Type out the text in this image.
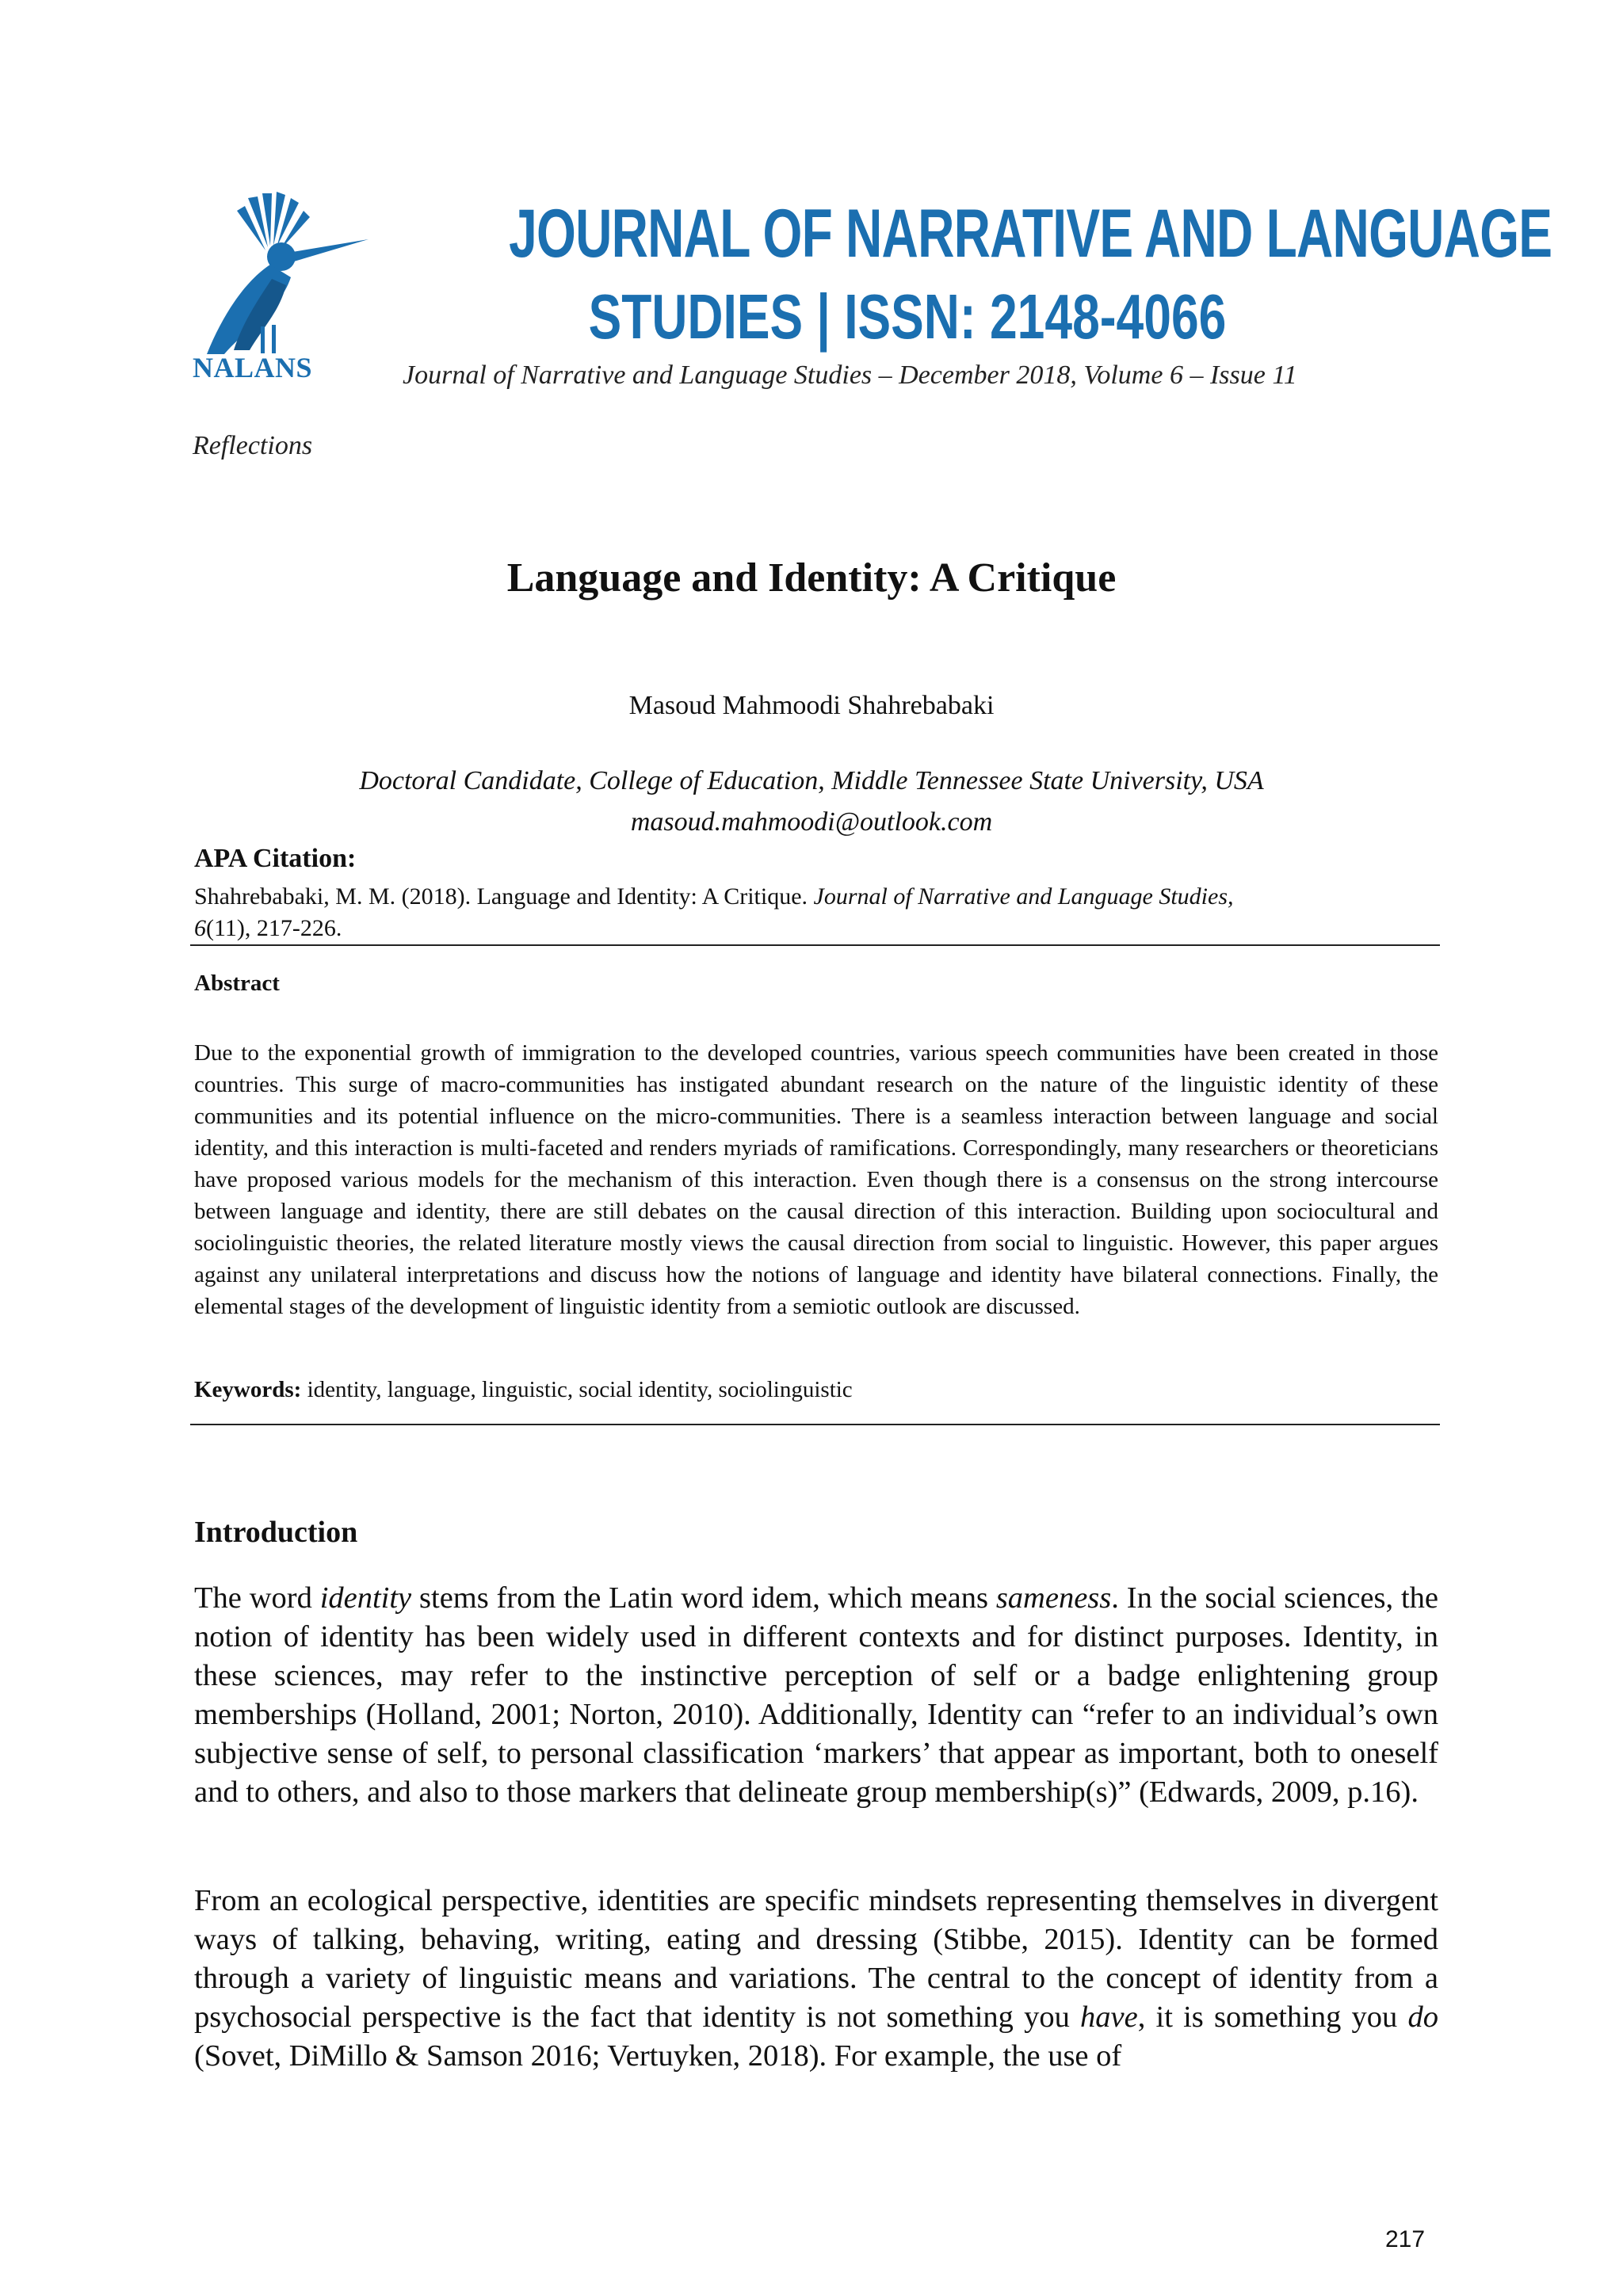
NALANS
JOURNAL OF NARRATIVE AND LANGUAGE
STUDIES | ISSN: 2148-4066
Journal of Narrative and Language Studies – December 2018, Volume 6 – Issue 11
Reflections
Language and Identity: A Critique
Masoud Mahmoodi Shahrebabaki
Doctoral Candidate, College of Education, Middle Tennessee State University, USA
masoud.mahmoodi@outlook.com
APA Citation:
Shahrebabaki, M. M. (2018). Language and Identity: A Critique. Journal of Narrative and Language Studies,
6(11), 217-226.
Abstract
Due to the exponential growth of immigration to the developed countries, various speech communities have been created in those countries. This surge of macro-communities has instigated abundant research on the nature of the linguistic identity of these communities and its potential influence on the micro-communities. There is a seamless interaction between language and social identity, and this interaction is multi-faceted and renders myriads of ramifications. Correspondingly, many researchers or theoreticians have proposed various models for the mechanism of this interaction. Even though there is a consensus on the strong intercourse between language and identity, there are still debates on the causal direction of this interaction. Building upon sociocultural and sociolinguistic theories, the related literature mostly views the causal direction from social to linguistic. However, this paper argues against any unilateral interpretations and discuss how the notions of language and identity have bilateral connections. Finally, the elemental stages of the development of linguistic identity from a semiotic outlook are discussed.
Keywords: identity, language, linguistic, social identity, sociolinguistic
Introduction
The word identity stems from the Latin word idem, which means sameness. In the social sciences, the notion of identity has been widely used in different contexts and for distinct purposes. Identity, in these sciences, may refer to the instinctive perception of self or a badge enlightening group memberships (Holland, 2001; Norton, 2010). Additionally, Identity can “refer to an individual’s own subjective sense of self, to personal classification ‘markers’ that appear as important, both to oneself and to others, and also to those markers that delineate group membership(s)” (Edwards, 2009, p.16).
From an ecological perspective, identities are specific mindsets representing themselves in divergent ways of talking, behaving, writing, eating and dressing (Stibbe, 2015). Identity can be formed through a variety of linguistic means and variations. The central to the concept of identity from a psychosocial perspective is the fact that identity is not something you have, it is something you do (Sovet, DiMillo & Samson 2016; Vertuyken, 2018). For example, the use of
217
